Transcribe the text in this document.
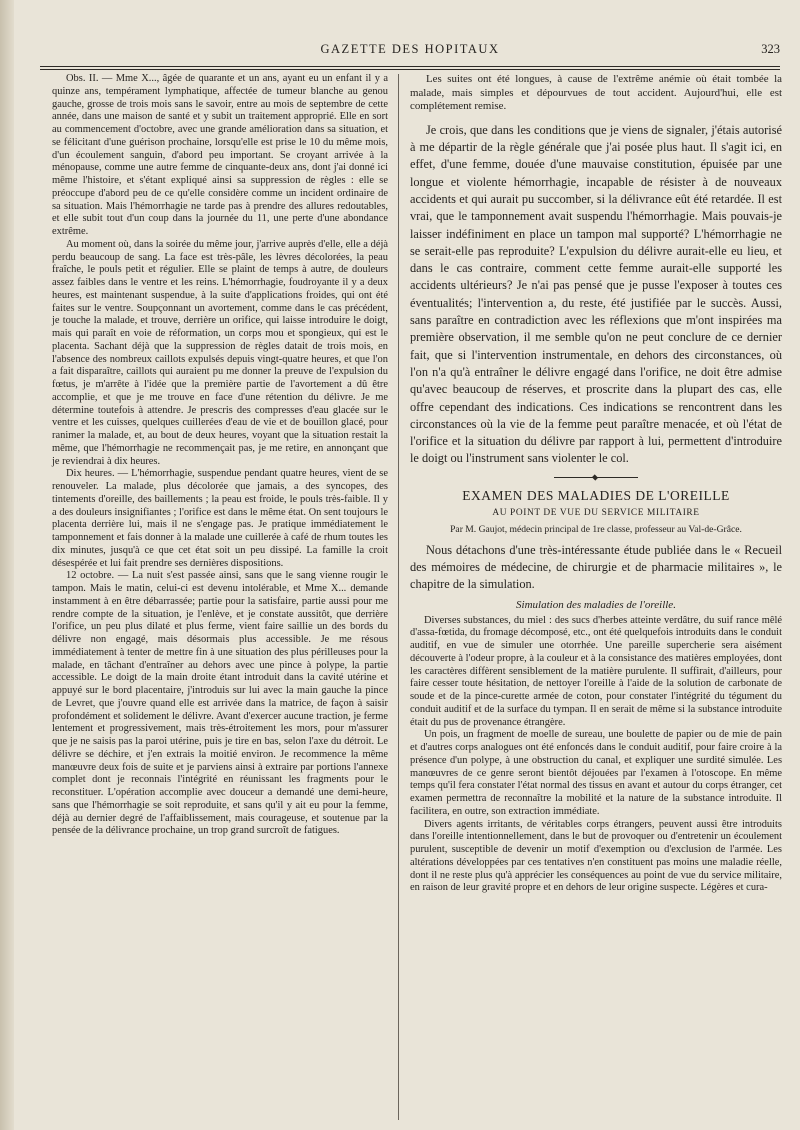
GAZETTE DES HOPITAUX	323

Obs. II. — Mme X..., âgée de quarante et un ans, ayant eu un enfant il y a quinze ans, tempérament lymphatique, affectée de tumeur blanche au genou gauche, grosse de trois mois sans le savoir, entre au mois de septembre de cette année, dans une maison de santé et y subit un traitement approprié. Elle en sort au commencement d'octobre, avec une grande amélioration dans sa situation, et se félicitant d'une guérison prochaine, lorsqu'elle est prise le 10 du même mois, d'un écoulement sanguin, d'abord peu important. Se croyant arrivée à la ménopause, comme une autre femme de cinquante-deux ans, dont j'ai donné ici même l'histoire, et s'étant expliqué ainsi sa suppression de règles : elle se préoccupe d'abord peu de ce qu'elle considère comme un incident ordinaire de sa situation. Mais l'hémorrhagie ne tarde pas à prendre des allures redoutables, et elle subit tout d'un coup dans la journée du 11, une perte d'une abondance extrême.

Au moment où, dans la soirée du même jour, j'arrive auprès d'elle, elle a déjà perdu beaucoup de sang. La face est très-pâle, les lèvres décolorées, la peau fraîche, le pouls petit et régulier. Elle se plaint de temps à autre, de douleurs assez faibles dans le ventre et les reins. L'hémorrhagie, foudroyante il y a deux heures, est maintenant suspendue, à la suite d'applications froides, qui ont été faites sur le ventre. Soupçonnant un avortement, comme dans le cas précédent, je touche la malade, et trouve, derrière un orifice, qui laisse introduire le doigt, mais qui paraît en voie de réformation, un corps mou et spongieux, qui est le placenta. Sachant déjà que la suppression de règles datait de trois mois, en l'absence des nombreux caillots expulsés depuis vingt-quatre heures, et que l'on a fait disparaître, caillots qui auraient pu me donner la preuve de l'expulsion du fœtus, je m'arrête à l'idée que la première partie de l'avortement a dû être accomplie, et que je me trouve en face d'une rétention du délivre. Je me détermine toutefois à attendre. Je prescris des compresses d'eau glacée sur le ventre et les cuisses, quelques cuillerées d'eau de vie et de bouillon glacé, pour ranimer la malade, et, au bout de deux heures, voyant que la situation restait la même, que l'hémorrhagie ne recommençait pas, je me retire, en annonçant que je reviendrai à dix heures.

Dix heures. — L'hémorrhagie, suspendue pendant quatre heures, vient de se renouveler. La malade, plus décolorée que jamais, a des syncopes, des tintements d'oreille, des baillements ; la peau est froide, le pouls très-faible. Il y a des douleurs insignifiantes ; l'orifice est dans le même état. On sent toujours le placenta derrière lui, mais il ne s'engage pas. Je pratique immédiatement le tamponnement et fais donner à la malade une cuillerée à café de rhum toutes les dix minutes, jusqu'à ce que cet état soit un peu dissipé. La famille la croit désespérée et lui fait prendre ses dernières dispositions.

12 octobre. — La nuit s'est passée ainsi, sans que le sang vienne rougir le tampon. Mais le matin, celui-ci est devenu intolérable, et Mme X... demande instamment à en être débarrassée; partie pour la satisfaire, partie aussi pour me rendre compte de la situation, je l'enlève, et je constate aussitôt, que derrière l'orifice, un peu plus dilaté et plus ferme, vient faire saillie un des bords du délivre non engagé, mais désormais plus accessible. Je me résous immédiatement à tenter de mettre fin à une situation des plus périlleuses pour la malade, en tâchant d'entraîner au dehors avec une pince à polype, la partie accessible. Le doigt de la main droite étant introduit dans la cavité utérine et appuyé sur le bord placentaire, j'introduis sur lui avec la main gauche la pince de Levret, que j'ouvre quand elle est arrivée dans la matrice, de façon à saisir profondément et solidement le délivre. Avant d'exercer aucune traction, je ferme lentement et progressivement, mais très-étroitement les mors, pour m'assurer que je ne saisis pas la paroi utérine, puis je tire en bas, selon l'axe du détroit. Le délivre se déchire, et j'en extrais la moitié environ. Je recommence la même manœuvre deux fois de suite et je parviens ainsi à extraire par portions l'annexe complet dont je reconnais l'intégrité en réunissant les fragments pour le reconstituer. L'opération accomplie avec douceur a demandé une demi-heure, sans que l'hémorrhagie se soit reproduite, et sans qu'il y ait eu pour la femme, déjà au dernier degré de l'affaiblissement, mais courageuse, et soutenue par la pensée de la délivrance prochaine, un trop grand surcroît de fatigues.

Les suites ont été longues, à cause de l'extrême anémie où était tombée la malade, mais simples et dépourvues de tout accident. Aujourd'hui, elle est complétement remise.

Je crois, que dans les conditions que je viens de signaler, j'étais autorisé à me départir de la règle générale que j'ai posée plus haut. Il s'agit ici, en effet, d'une femme, douée d'une mauvaise constitution, épuisée par une longue et violente hémorrhagie, incapable de résister à de nouveaux accidents et qui aurait pu succomber, si la délivrance eût été retardée. Il est vrai, que le tamponnement avait suspendu l'hémorrhagie. Mais pouvais-je laisser indéfiniment en place un tampon mal supporté? L'hémorrhagie ne se serait-elle pas reproduite? L'expulsion du délivre aurait-elle eu lieu, et dans le cas contraire, comment cette femme aurait-elle supporté les accidents ultérieurs? Je n'ai pas pensé que je pusse l'exposer à toutes ces éventualités; l'intervention a, du reste, été justifiée par le succès. Aussi, sans paraître en contradiction avec les réflexions que m'ont inspirées ma première observation, il me semble qu'on ne peut conclure de ce dernier fait, que si l'intervention instrumentale, en dehors des circonstances, où l'on n'a qu'à entraîner le délivre engagé dans l'orifice, ne doit être admise qu'avec beaucoup de réserves, et proscrite dans la plupart des cas, elle offre cependant des indications. Ces indications se rencontrent dans les circonstances où la vie de la femme peut paraître menacée, et où l'état de l'orifice et la situation du délivre par rapport à lui, permettent d'introduire le doigt ou l'instrument sans violenter le col.

EXAMEN DES MALADIES DE L'OREILLE

AU POINT DE VUE DU SERVICE MILITAIRE

Par M. Gaujot, médecin principal de 1re classe, professeur au Val-de-Grâce.

Nous détachons d'une très-intéressante étude publiée dans le « Recueil des mémoires de médecine, de chirurgie et de pharmacie militaires », le chapitre de la simulation.

Simulation des maladies de l'oreille.

Diverses substances, du miel : des sucs d'herbes atteinte verdâtre, du suif rance mêlé d'assa-fœtida, du fromage décomposé, etc., ont été quelquefois introduits dans le conduit auditif, en vue de simuler une otorrhée. Une pareille supercherie sera aisément découverte à l'odeur propre, à la couleur et à la consistance des matières employées, dont les caractères diffèrent sensiblement de la matière purulente. Il suffirait, d'ailleurs, pour faire cesser toute hésitation, de nettoyer l'oreille à l'aide de la solution de carbonate de soude et de la pince-curette armée de coton, pour constater l'intégrité du tégument du conduit auditif et de la surface du tympan. Il en serait de même si la substance introduite était du pus de provenance étrangère.

Un pois, un fragment de moelle de sureau, une boulette de papier ou de mie de pain et d'autres corps analogues ont été enfoncés dans le conduit auditif, pour faire croire à la présence d'un polype, à une obstruction du canal, et expliquer une surdité simulée. Les manœuvres de ce genre seront bientôt déjouées par l'examen à l'otoscope. En même temps qu'il fera constater l'état normal des tissus en avant et autour du corps étranger, cet examen permettra de reconnaître la mobilité et la nature de la substance introduite. Il facilitera, en outre, son extraction immédiate.

Divers agents irritants, de véritables corps étrangers, peuvent aussi être introduits dans l'oreille intentionnellement, dans le but de provoquer ou d'entretenir un écoulement purulent, susceptible de devenir un motif d'exemption ou d'exclusion de l'armée. Les altérations développées par ces tentatives n'en constituent pas moins une maladie réelle, dont il ne reste plus qu'à apprécier les conséquences au point de vue du service militaire, en raison de leur gravité propre et en dehors de leur origine suspecte. Légères et cura-
